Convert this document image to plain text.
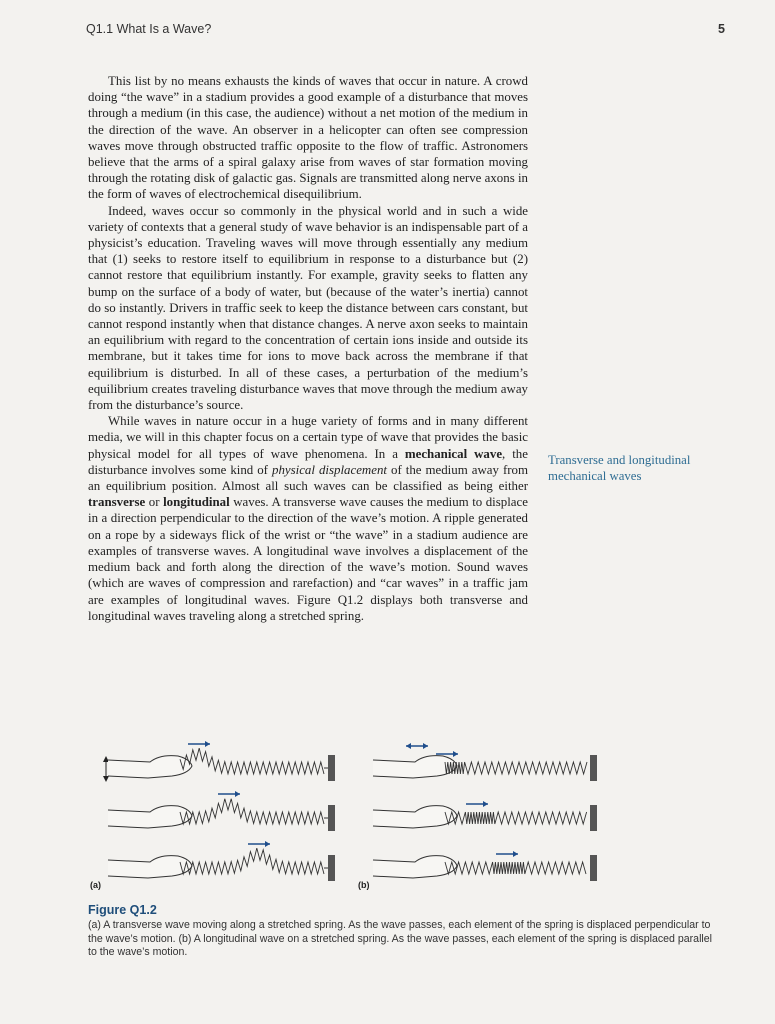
Q1.1 What Is a Wave?	5

This list by no means exhausts the kinds of waves that occur in nature. A crowd doing “the wave” in a stadium provides a good example of a disturbance that moves through a medium (in this case, the audience) without a net motion of the medium in the direction of the wave. An observer in a helicopter can often see compression waves move through obstructed traffic opposite to the flow of traffic. Astronomers believe that the arms of a spiral galaxy arise from waves of star formation moving through the rotating disk of galactic gas. Signals are transmitted along nerve axons in the form of waves of electrochemical disequilibrium.

Indeed, waves occur so commonly in the physical world and in such a wide variety of contexts that a general study of wave behavior is an indispensable part of a physicist’s education. Traveling waves will move through essentially any medium that (1) seeks to restore itself to equilibrium in response to a disturbance but (2) cannot restore that equilibrium instantly. For example, gravity seeks to flatten any bump on the surface of a body of water, but (because of the water’s inertia) cannot do so instantly. Drivers in traffic seek to keep the distance between cars constant, but cannot respond instantly when that distance changes. A nerve axon seeks to maintain an equilibrium with regard to the concentration of certain ions inside and outside its membrane, but it takes time for ions to move back across the membrane if that equilibrium is disturbed. In all of these cases, a perturbation of the medium’s equilibrium creates traveling disturbance waves that move through the medium away from the disturbance’s source.

While waves in nature occur in a huge variety of forms and in many different media, we will in this chapter focus on a certain type of wave that provides the basic physical model for all types of wave phenomena. In a mechanical wave, the disturbance involves some kind of physical displacement of the medium away from an equilibrium position. Almost all such waves can be classified as being either transverse or longitudinal waves. A transverse wave causes the medium to displace in a direction perpendicular to the direction of the wave’s motion. A ripple generated on a rope by a sideways flick of the wrist or “the wave” in a stadium audience are examples of transverse waves. A longitudinal wave involves a displacement of the medium back and forth along the direction of the wave’s motion. Sound waves (which are waves of compression and rarefaction) and “car waves” in a traffic jam are examples of longitudinal waves. Figure Q1.2 displays both transverse and longitudinal waves traveling along a stretched spring.

Transverse and longitudinal mechanical waves
(a)	(b)
Figure Q1.2
(a) A transverse wave moving along a stretched spring. As the wave passes, each element of the spring is displaced perpendicular to the wave’s motion. (b) A longitudinal wave on a stretched spring. As the wave passes, each element of the spring is displaced parallel to the wave’s motion.
